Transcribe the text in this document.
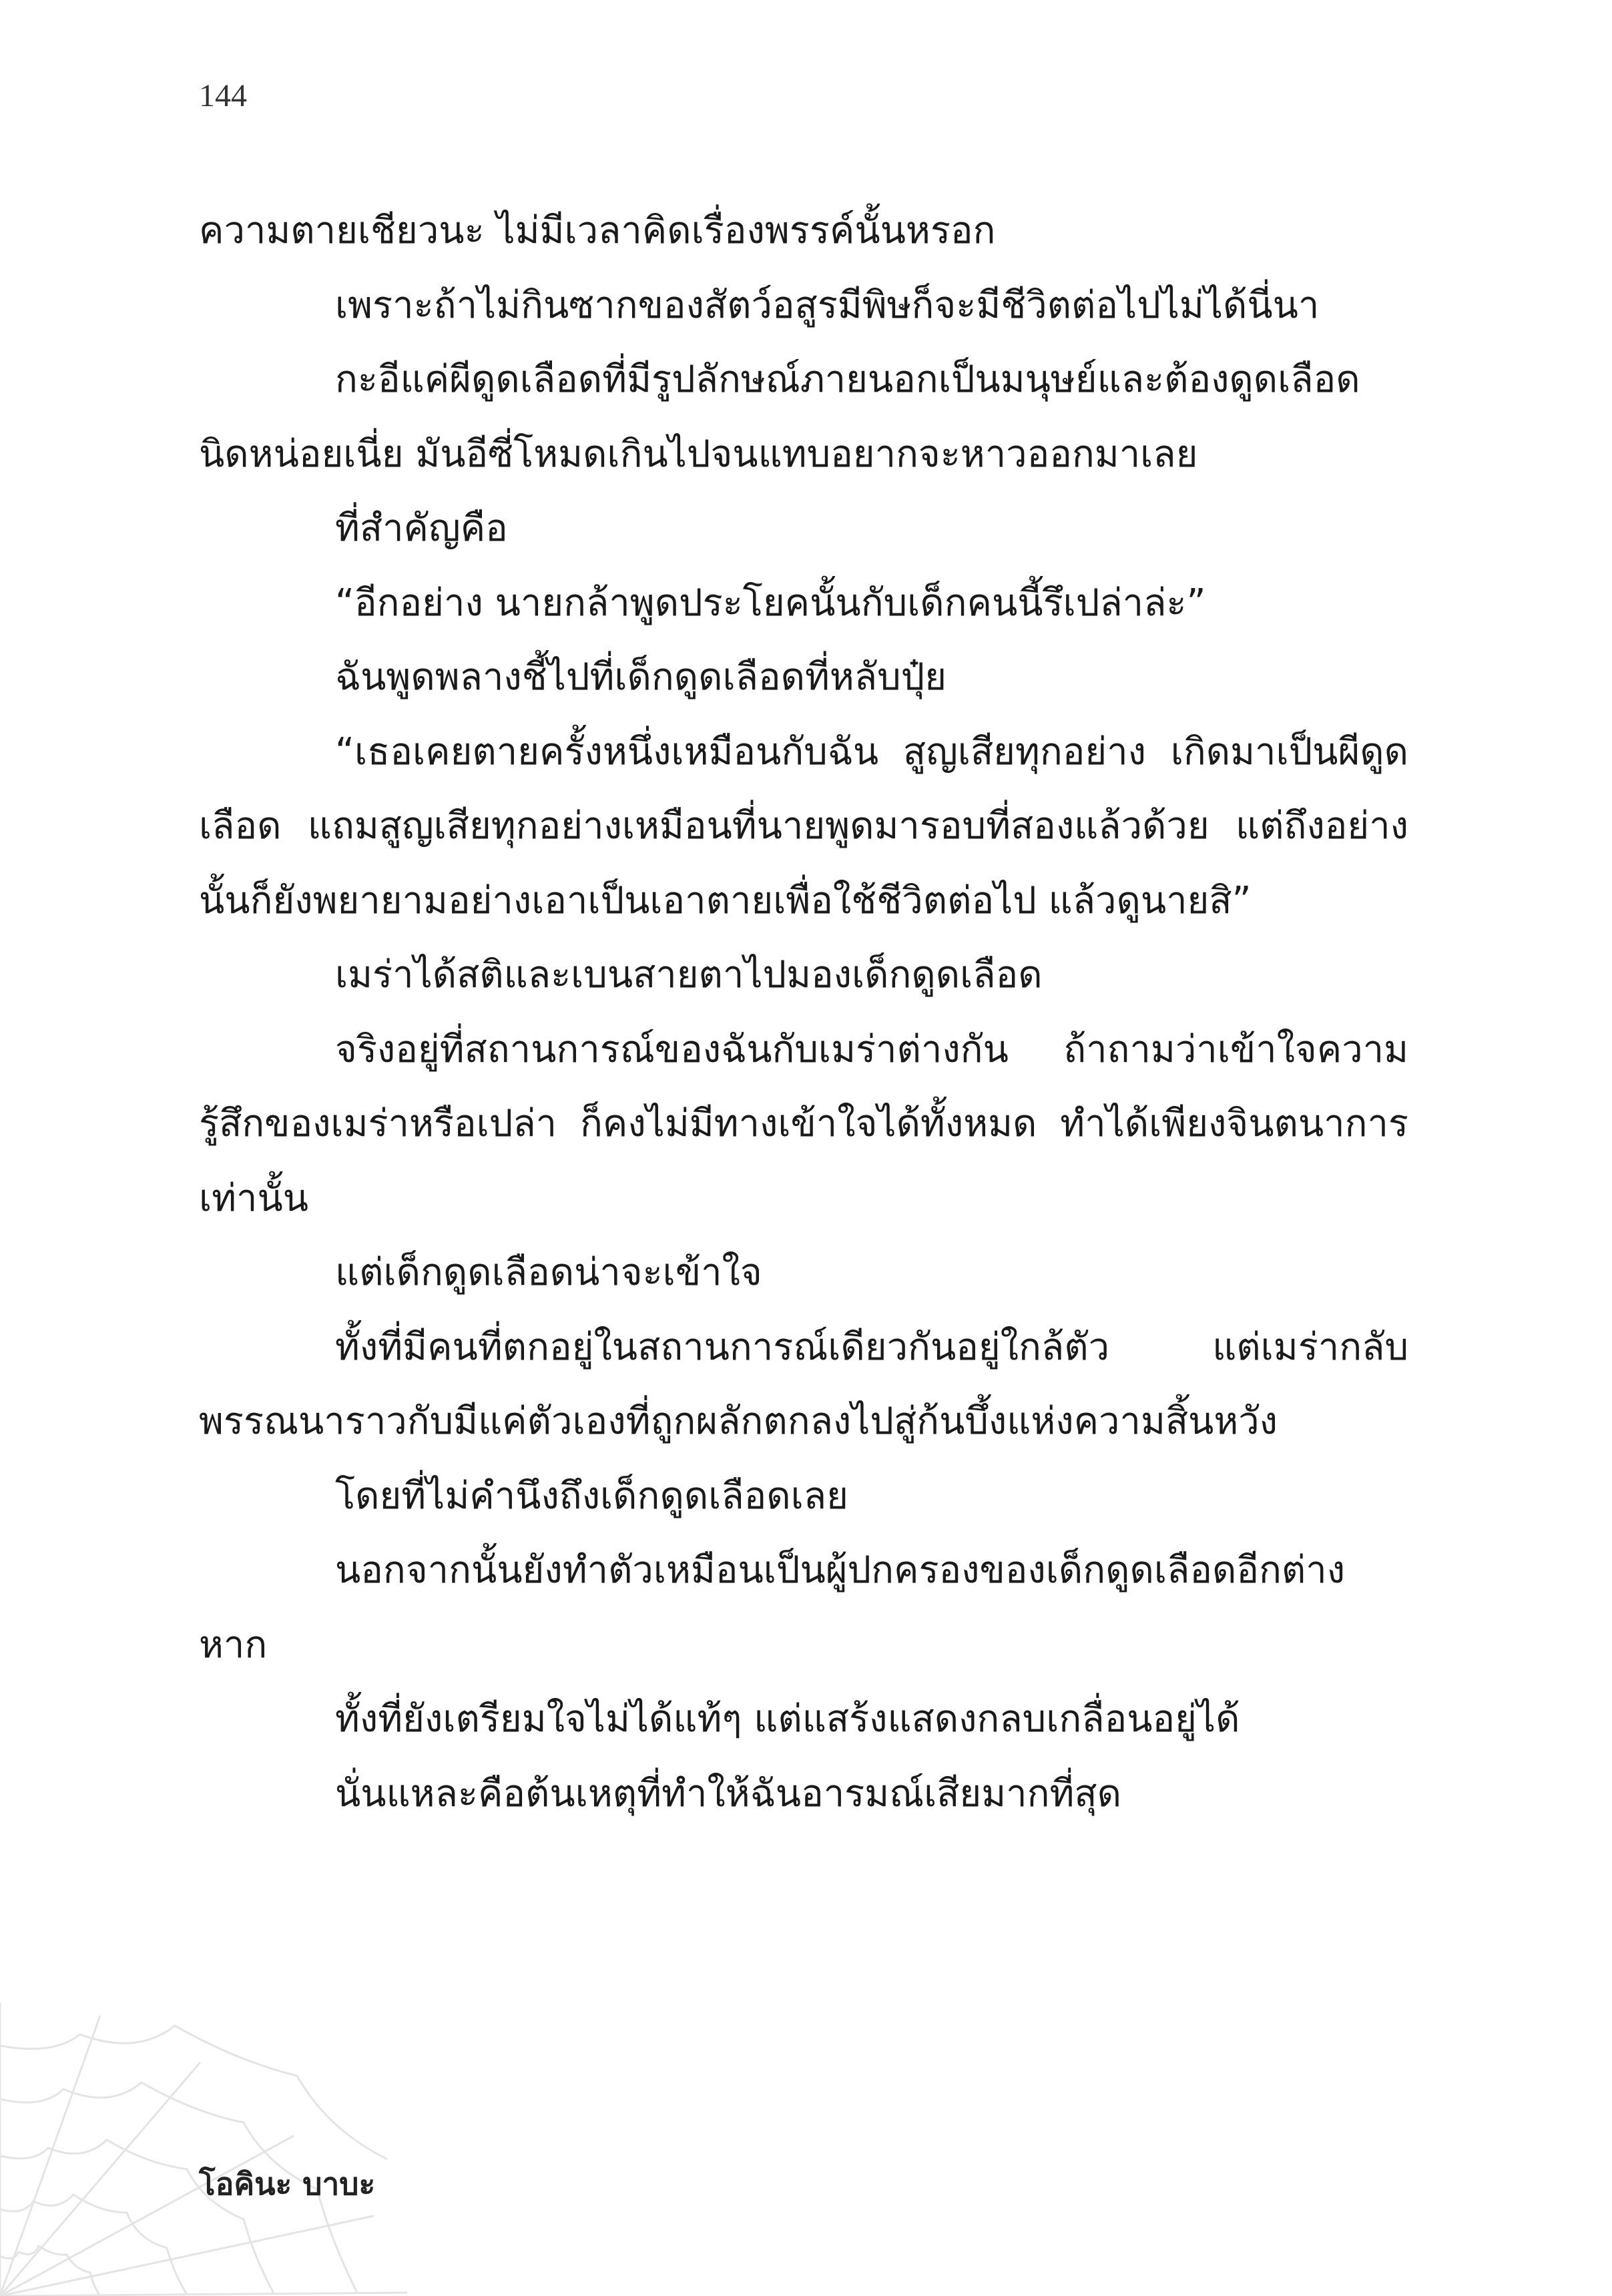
144

ความตายเชียวนะ ไม่มีเวลาคิดเรื่องพรรค์นั้นหรอก

เพราะถ้าไม่กินซากของสัตว์อสูรมีพิษก็จะมีชีวิตต่อไปไม่ได้นี่นา

กะอีแค่ผีดูดเลือดที่มีรูปลักษณ์ภายนอกเป็นมนุษย์และต้องดูดเลือดนิดหน่อยเนี่ย มันอีซี่โหมดเกินไปจนแทบอยากจะหาวออกมาเลย

ที่สำคัญคือ

“อีกอย่าง นายกล้าพูดประโยคนั้นกับเด็กคนนี้รึเปล่าล่ะ”

ฉันพูดพลางชี้ไปที่เด็กดูดเลือดที่หลับปุ๋ย

“เธอเคยตายครั้งหนึ่งเหมือนกับฉัน สูญเสียทุกอย่าง เกิดมาเป็นผีดูดเลือด แถมสูญเสียทุกอย่างเหมือนที่นายพูดมารอบที่สองแล้วด้วย แต่ถึงอย่างนั้นก็ยังพยายามอย่างเอาเป็นเอาตายเพื่อใช้ชีวิตต่อไป แล้วดูนายสิ”

เมร่าได้สติและเบนสายตาไปมองเด็กดูดเลือด

จริงอยู่ที่สถานการณ์ของฉันกับเมร่าต่างกัน ถ้าถามว่าเข้าใจความรู้สึกของเมร่าหรือเปล่า ก็คงไม่มีทางเข้าใจได้ทั้งหมด ทำได้เพียงจินตนาการเท่านั้น

แต่เด็กดูดเลือดน่าจะเข้าใจ

ทั้งที่มีคนที่ตกอยู่ในสถานการณ์เดียวกันอยู่ใกล้ตัว แต่เมร่ากลับพรรณนาราวกับมีแค่ตัวเองที่ถูกผลักตกลงไปสู่ก้นบึ้งแห่งความสิ้นหวัง

โดยที่ไม่คำนึงถึงเด็กดูดเลือดเลย

นอกจากนั้นยังทำตัวเหมือนเป็นผู้ปกครองของเด็กดูดเลือดอีกต่างหาก

ทั้งที่ยังเตรียมใจไม่ได้แท้ๆ แต่แสร้งแสดงกลบเกลื่อนอยู่ได้

นั่นแหละคือต้นเหตุที่ทำให้ฉันอารมณ์เสียมากที่สุด

โอคินะ บาบะ
